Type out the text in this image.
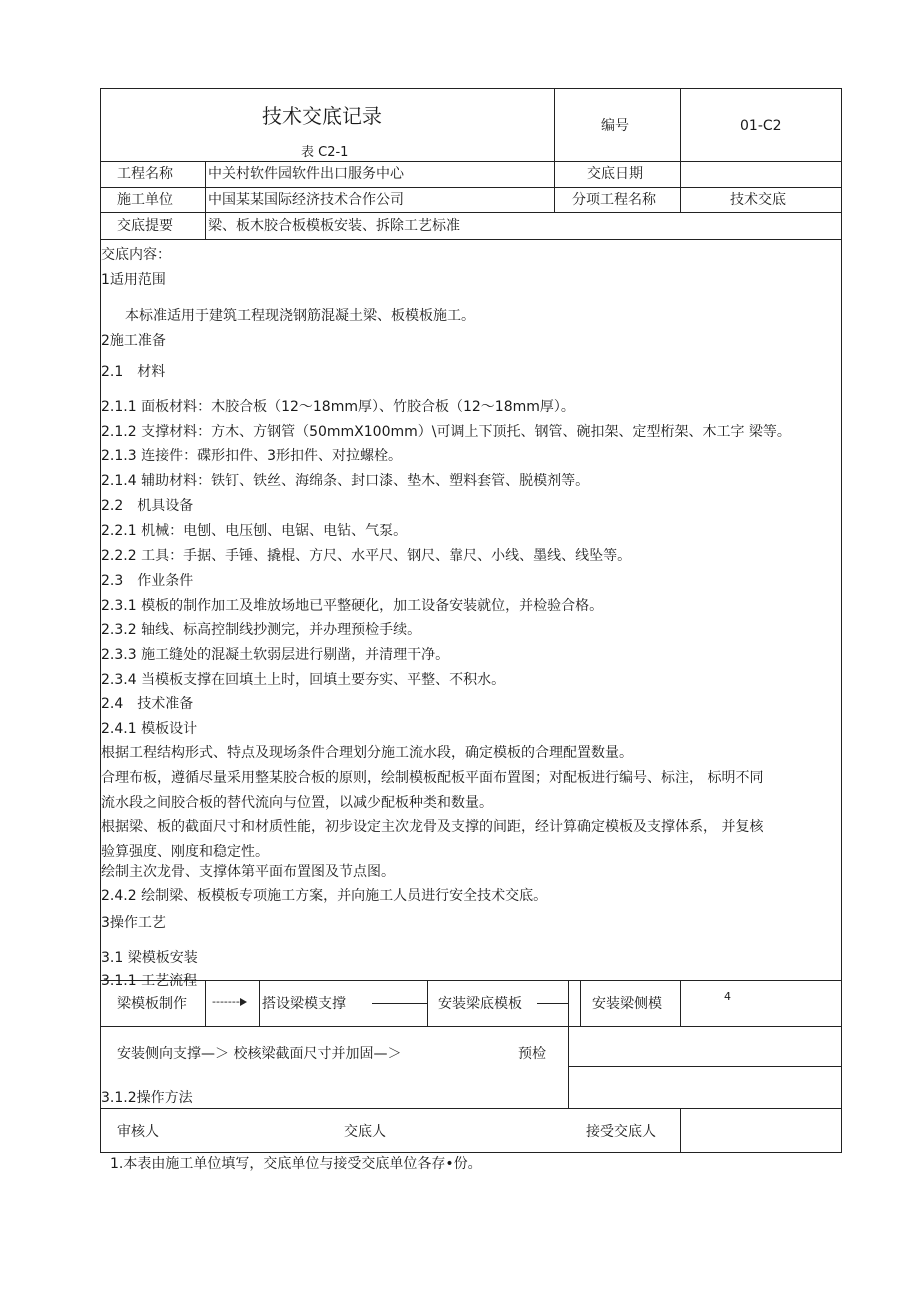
技术交底记录
表 C2-1
编号	01-C2
工程名称	中关村软件园软件出口服务中心	交底日期
施工单位	中国某某国际经济技术合作公司	分项工程名称	技术交底
交底提要	梁、板木胶合板模板安装、拆除工艺标准
交底内容：
1适用范围
本标准适用于建筑工程现浇钢筋混凝土梁、板模板施工。
2施工准备
2.1　材料
2.1.1 面板材料：木胶合板（12～18mm厚）、竹胶合板（12～18mm厚）。
2.1.2 支撑材料：方木、方钢管（50mmX100mm）\可调上下顶托、钢管、碗扣架、定型桁架、木工字 梁等。
2.1.3 连接件：碟形扣件、3形扣件、对拉螺栓。
2.1.4 辅助材料：铁钉、铁丝、海绵条、封口漆、垫木、塑料套管、脱模剂等。
2.2　机具设备
2.2.1 机械：电刨、电压刨、电锯、电钻、气泵。
2.2.2 工具：手据、手锤、撬棍、方尺、水平尺、钢尺、靠尺、小线、墨线、线坠等。
2.3　作业条件
2.3.1 模板的制作加工及堆放场地已平整硬化，加工设备安装就位，并检验合格。
2.3.2 轴线、标高控制线抄测完，并办理预检手续。
2.3.3 施工缝处的混凝土软弱层进行剔凿，并清理干净。
2.3.4 当模板支撑在回填土上时，回填土要夯实、平整、不积水。
2.4　技术准备
2.4.1 模板设计
根据工程结构形式、特点及现场条件合理划分施工流水段，确定模板的合理配置数量。
合理布板，遵循尽量采用整某胶合板的原则，绘制模板配板平面布置图；对配板进行编号、标注， 标明不同
流水段之间胶合板的替代流向与位置，以减少配板种类和数量。
根据梁、板的截面尺寸和材质性能，初步设定主次龙骨及支撑的间距，经计算确定模板及支撑体系， 并复核
验算强度、刚度和稳定性。
绘制主次龙骨、支撑体第平面布置图及节点图。
2.4.2 绘制梁、板模板专项施工方案，并向施工人员进行安全技术交底。
3操作工艺
3.1 梁模板安装
3.1.1 工艺流程
梁模板制作 -------	搭设梁模支撑	安装梁底模板	安装梁侧模	4
安装侧向支撑—＞ 校核梁截面尺寸并加固—＞	预检
3.1.2操作方法
审核人	交底人	接受交底人
1.本表由施工单位填写，交底单位与接受交底单位各存•份。
